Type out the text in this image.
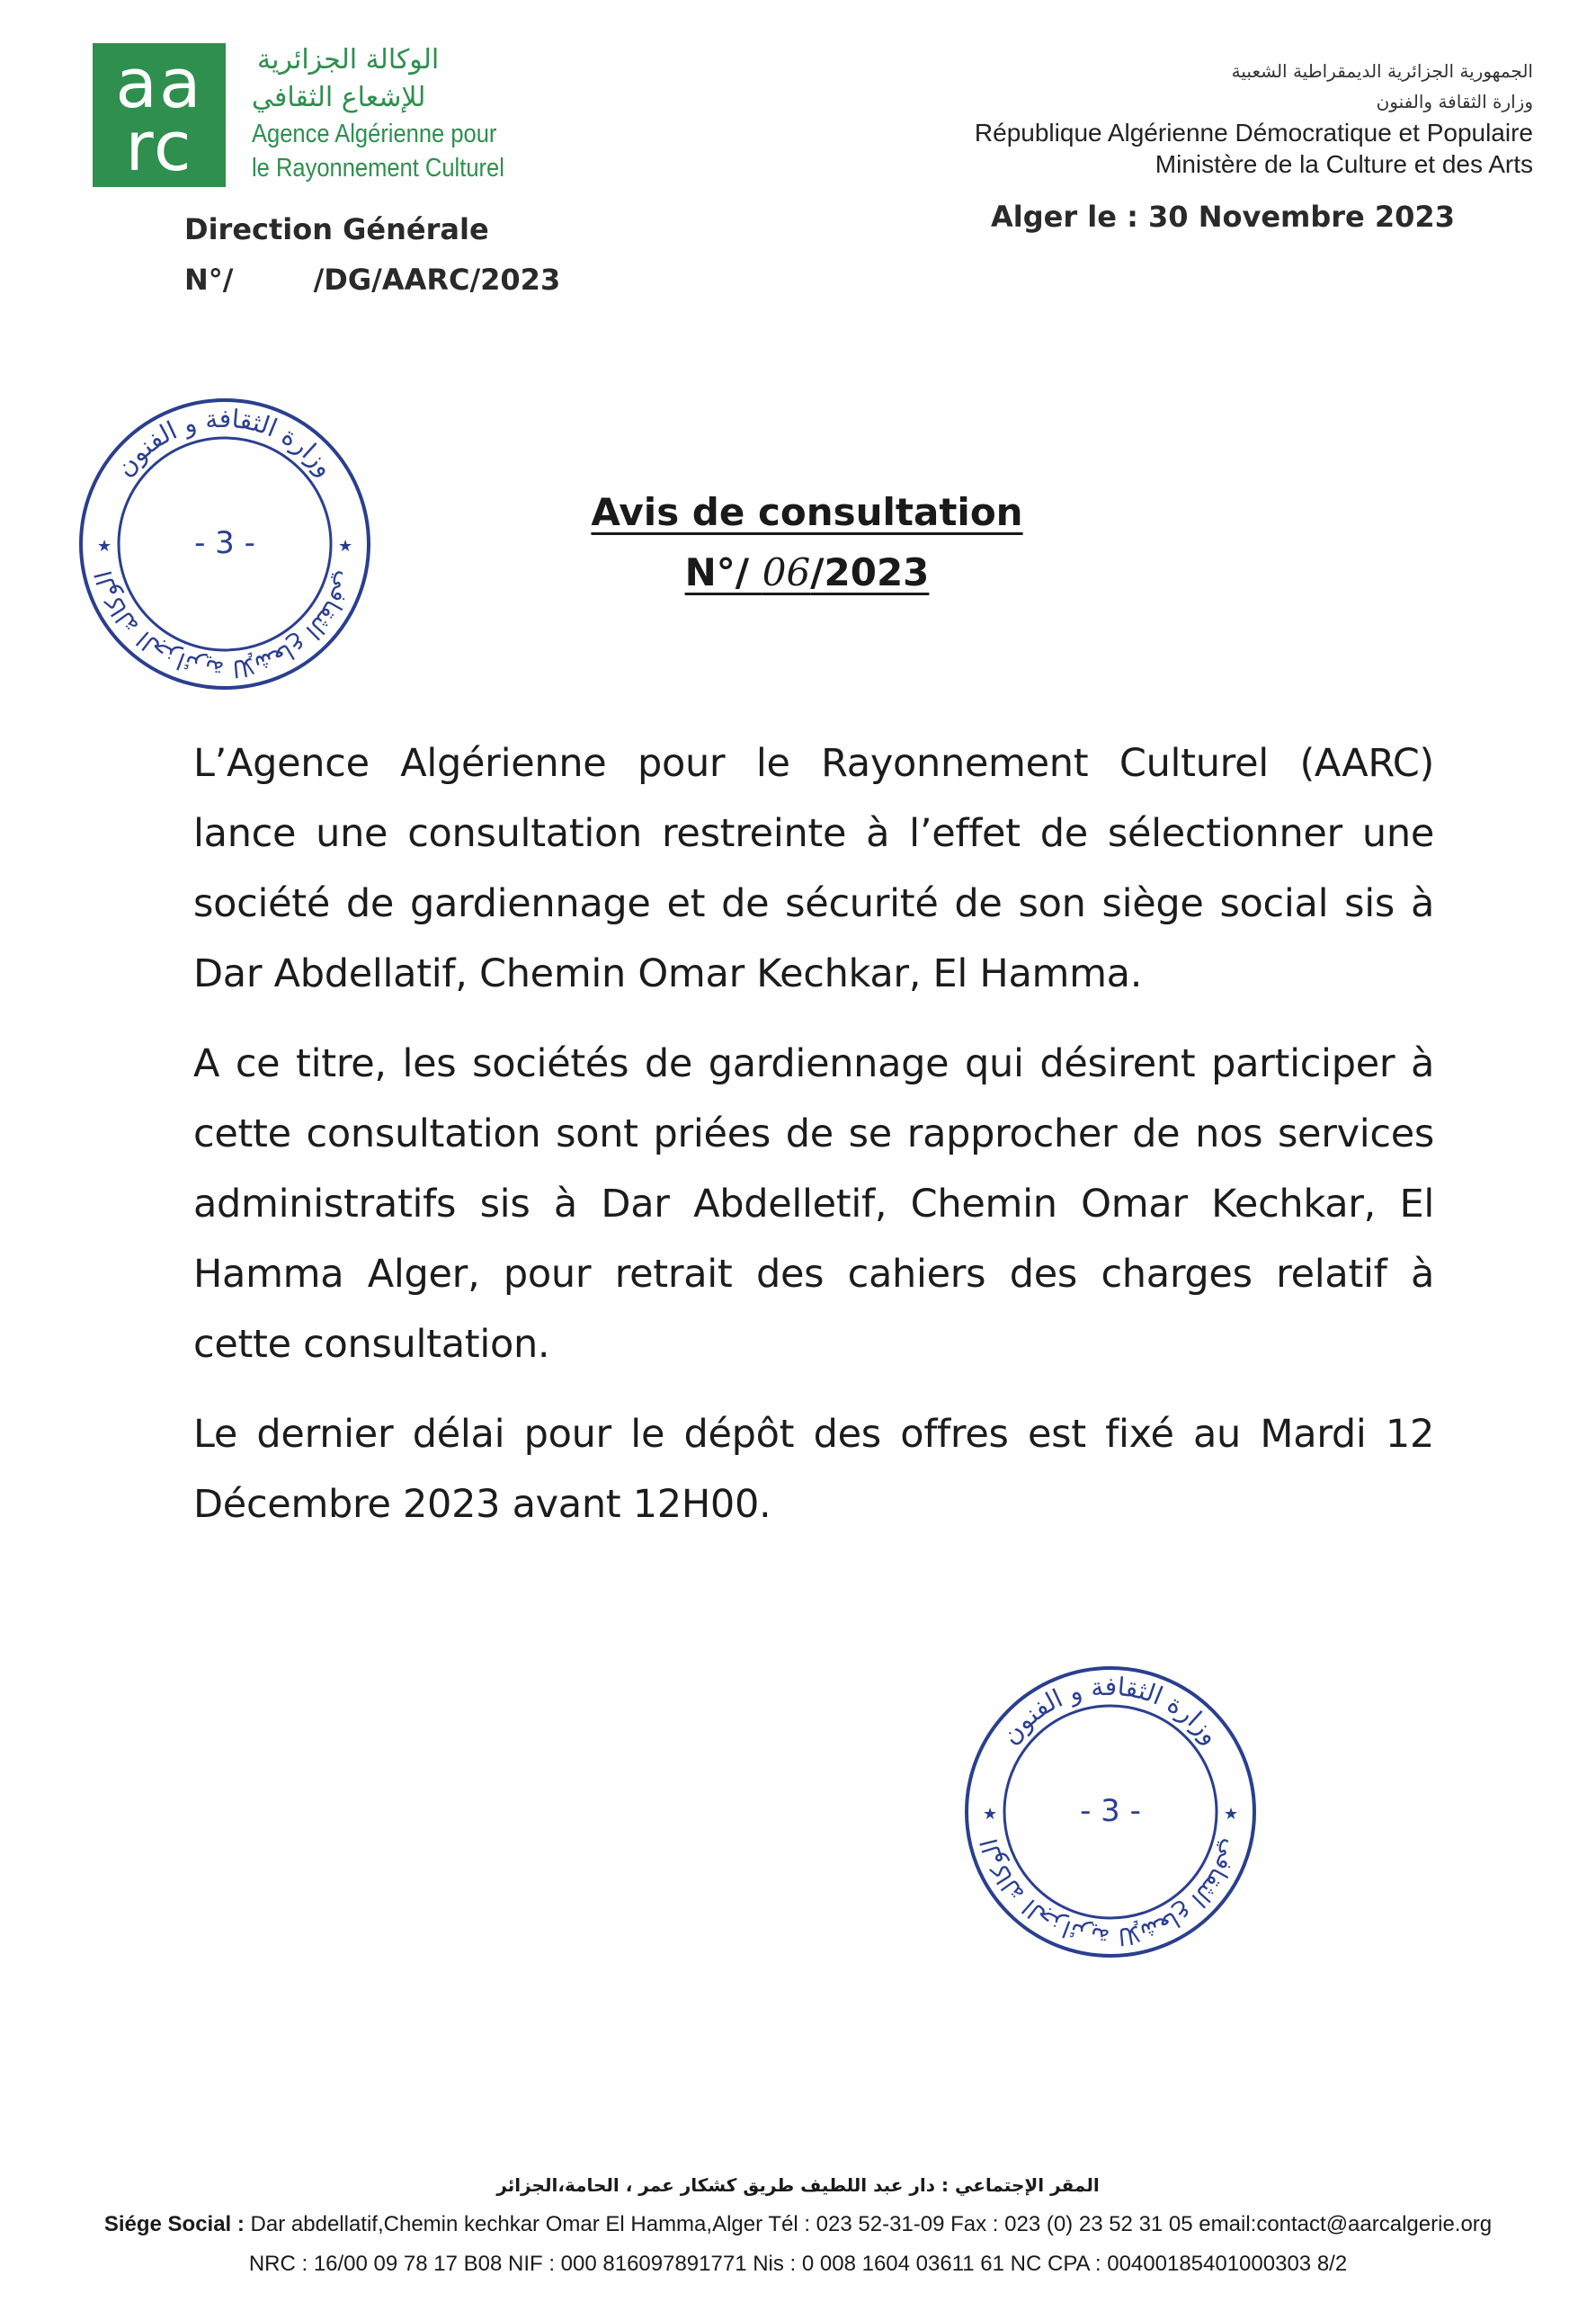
aa
rc
الوكالة الجزائرية
للإشعاع الثقافي
Agence Algérienne pour
le Rayonnement Culturel
Direction Générale
N°/        /DG/AARC/2023
الجمهورية الجزائرية الديمقراطية الشعبية
وزارة الثقافة والفنون
République Algérienne Démocratique et Populaire
Ministère de la Culture et des Arts
Alger le : 30 Novembre 2023
وزارة الثقافة و الفنون
الوكالة الجزائرية للإشعاع الثقافي
★	★
- 3 -
Avis de consultation
N°/ 06/2023

L’Agence Algérienne pour le Rayonnement Culturel (AARC) lance une consultation restreinte à l’effet de sélectionner une société de gardiennage et de sécurité de son siège social sis à Dar Abdellatif, Chemin Omar Kechkar, El Hamma.

A ce titre, les sociétés de gardiennage qui désirent participer à cette consultation sont priées de se rapprocher de nos services administratifs sis à Dar Abdelletif, Chemin Omar Kechkar, El Hamma Alger, pour retrait des cahiers des charges relatif à cette consultation.

Le dernier délai pour le dépôt des offres est fixé au Mardi 12 Décembre 2023 avant 12H00.

وزارة الثقافة و الفنون
الوكالة الجزائرية للإشعاع الثقافي
★	★
- 3 -
المقر الإجتماعي : دار عبد اللطيف طريق كشكار عمر ، الحامة،الجزائر
Siége Social : Dar abdellatif,Chemin kechkar Omar El Hamma,Alger Tél : 023 52-31-09 Fax : 023 (0) 23 52 31 05 email:contact@aarcalgerie.org
NRC : 16/00 09 78 17 B08 NIF : 000 816097891771 Nis : 0 008 1604 03611 61 NC CPA : 00400185401000303 8/2
